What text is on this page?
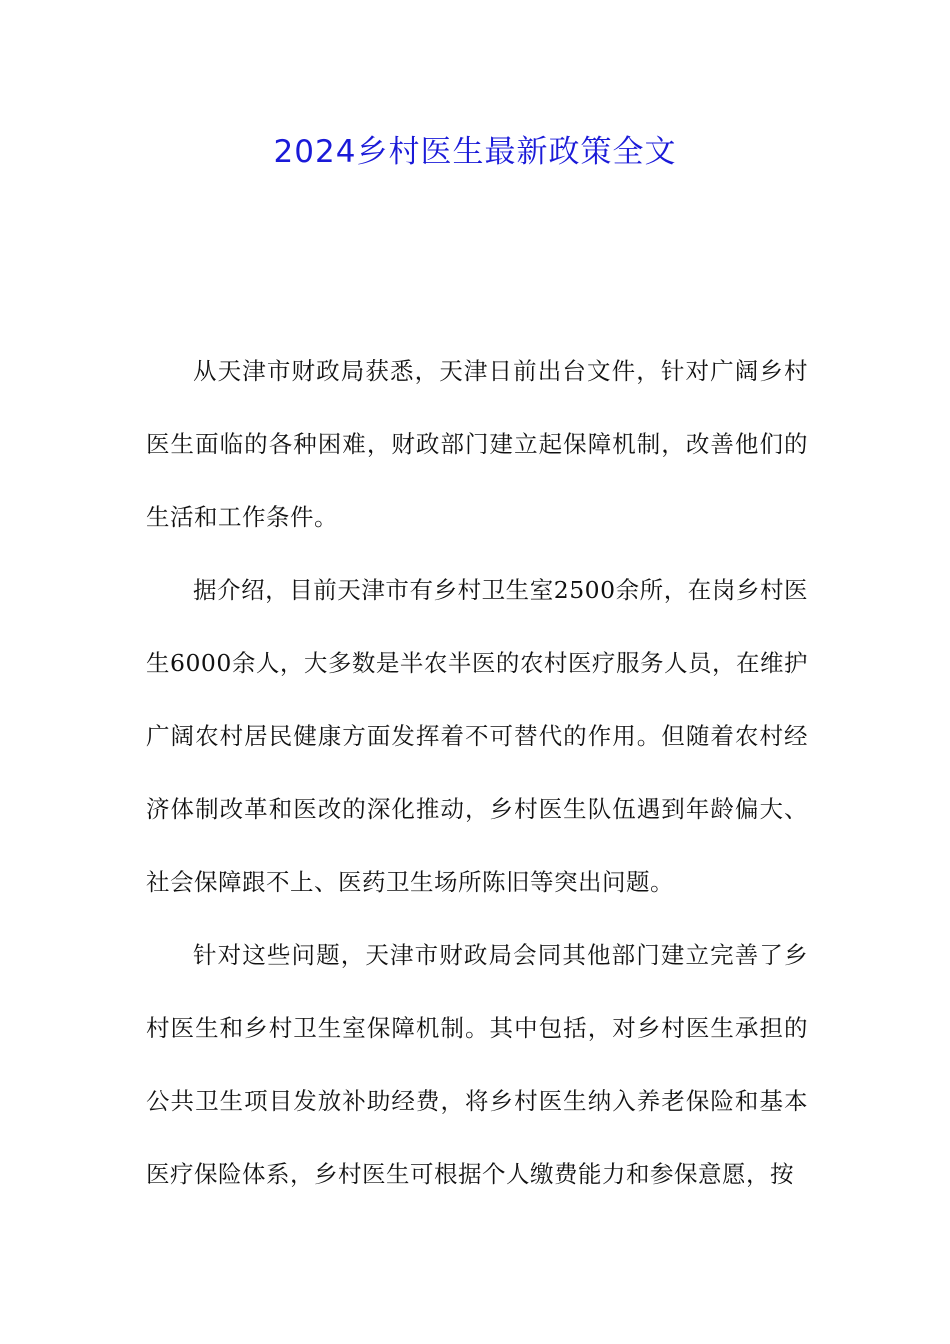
2024乡村医生最新政策全文

从天津市财政局获悉，天津日前出台文件，针对广阔乡村医生面临的各种困难，财政部门建立起保障机制，改善他们的生活和工作条件。

据介绍，目前天津市有乡村卫生室2500余所，在岗乡村医生6000余人，大多数是半农半医的农村医疗服务人员，在维护广阔农村居民健康方面发挥着不可替代的作用。但随着农村经济体制改革和医改的深化推动，乡村医生队伍遇到年龄偏大、社会保障跟不上、医药卫生场所陈旧等突出问题。

针对这些问题，天津市财政局会同其他部门建立完善了乡村医生和乡村卫生室保障机制。其中包括，对乡村医生承担的公共卫生项目发放补助经费，将乡村医生纳入养老保险和基本医疗保险体系，乡村医生可根据个人缴费能力和参保意愿，按
